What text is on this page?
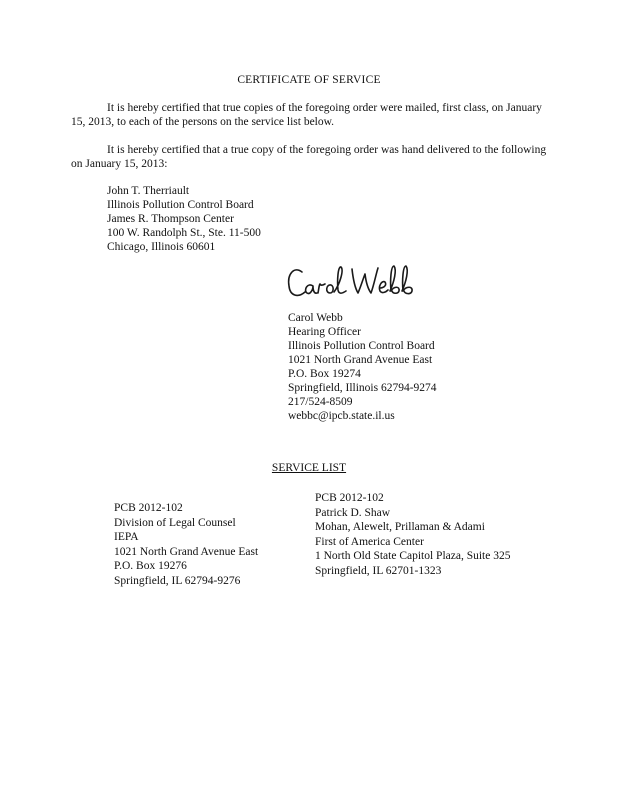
CERTIFICATE OF SERVICE
It is hereby certified that true copies of the foregoing order were mailed, first class, on January 15, 2013, to each of the persons on the service list below.
It is hereby certified that a true copy of the foregoing order was hand delivered to the following on January 15, 2013:
John T. Therriault
Illinois Pollution Control Board
James R. Thompson Center
100 W. Randolph St., Ste. 11-500
Chicago, Illinois 60601
Carol Webb
Hearing Officer
Illinois Pollution Control Board
1021 North Grand Avenue East
P.O. Box 19274
Springfield, Illinois 62794-9274
217/524-8509
webbc@ipcb.state.il.us
SERVICE LIST
PCB 2012-102
Division of Legal Counsel
IEPA
1021 North Grand Avenue East
P.O. Box 19276
Springfield, IL 62794-9276
PCB 2012-102
Patrick D. Shaw
Mohan, Alewelt, Prillaman & Adami
First of America Center
1 North Old State Capitol Plaza, Suite 325
Springfield, IL 62701-1323
